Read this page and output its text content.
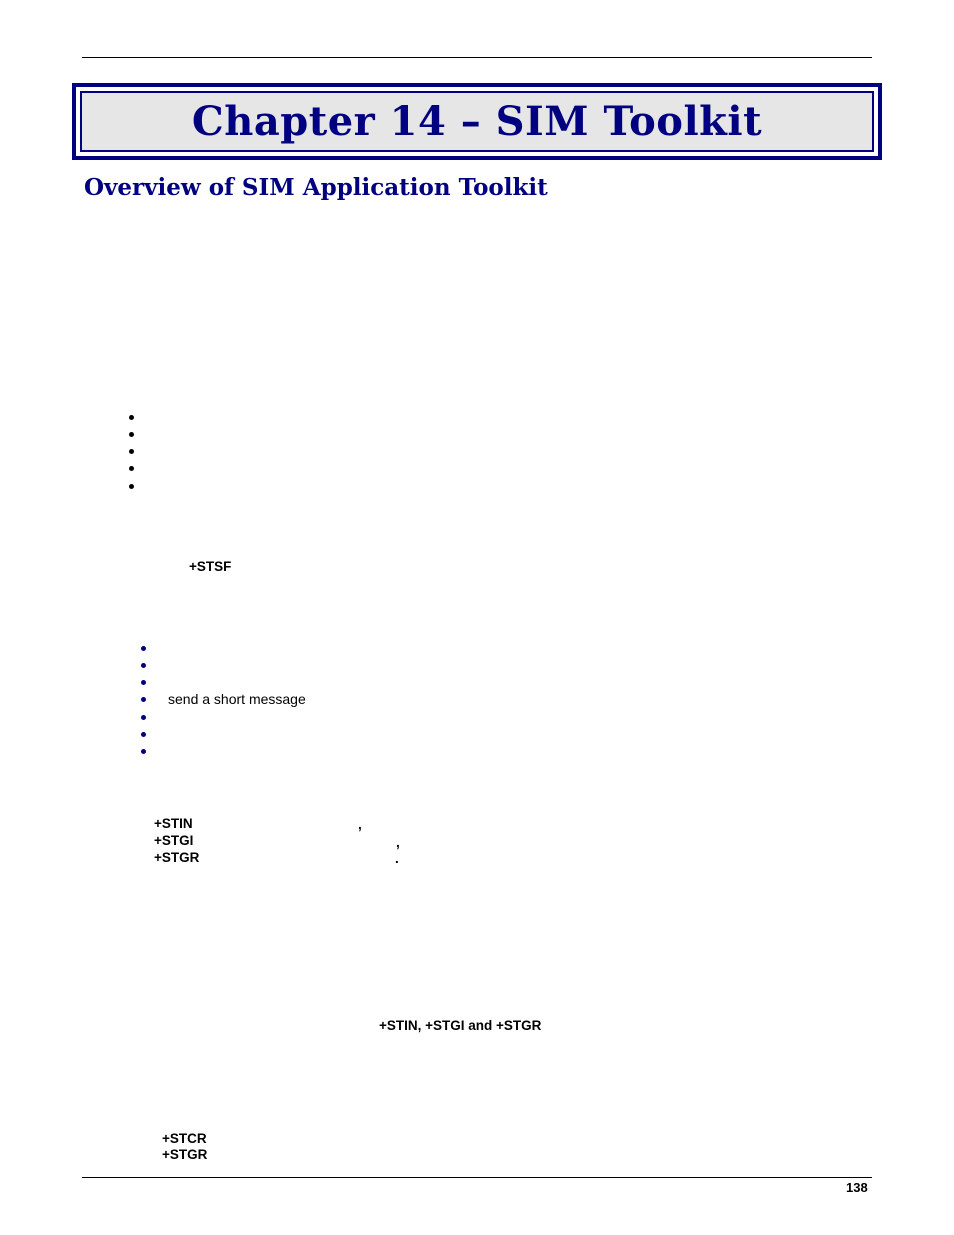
Chapter 14 – SIM Toolkit
Overview of SIM Application Toolkit
+STSF
send a short message
+STIN	,
+STGI	,
+STGR	.
+STIN, +STGI and +STGR
+STCR
+STGR
138
